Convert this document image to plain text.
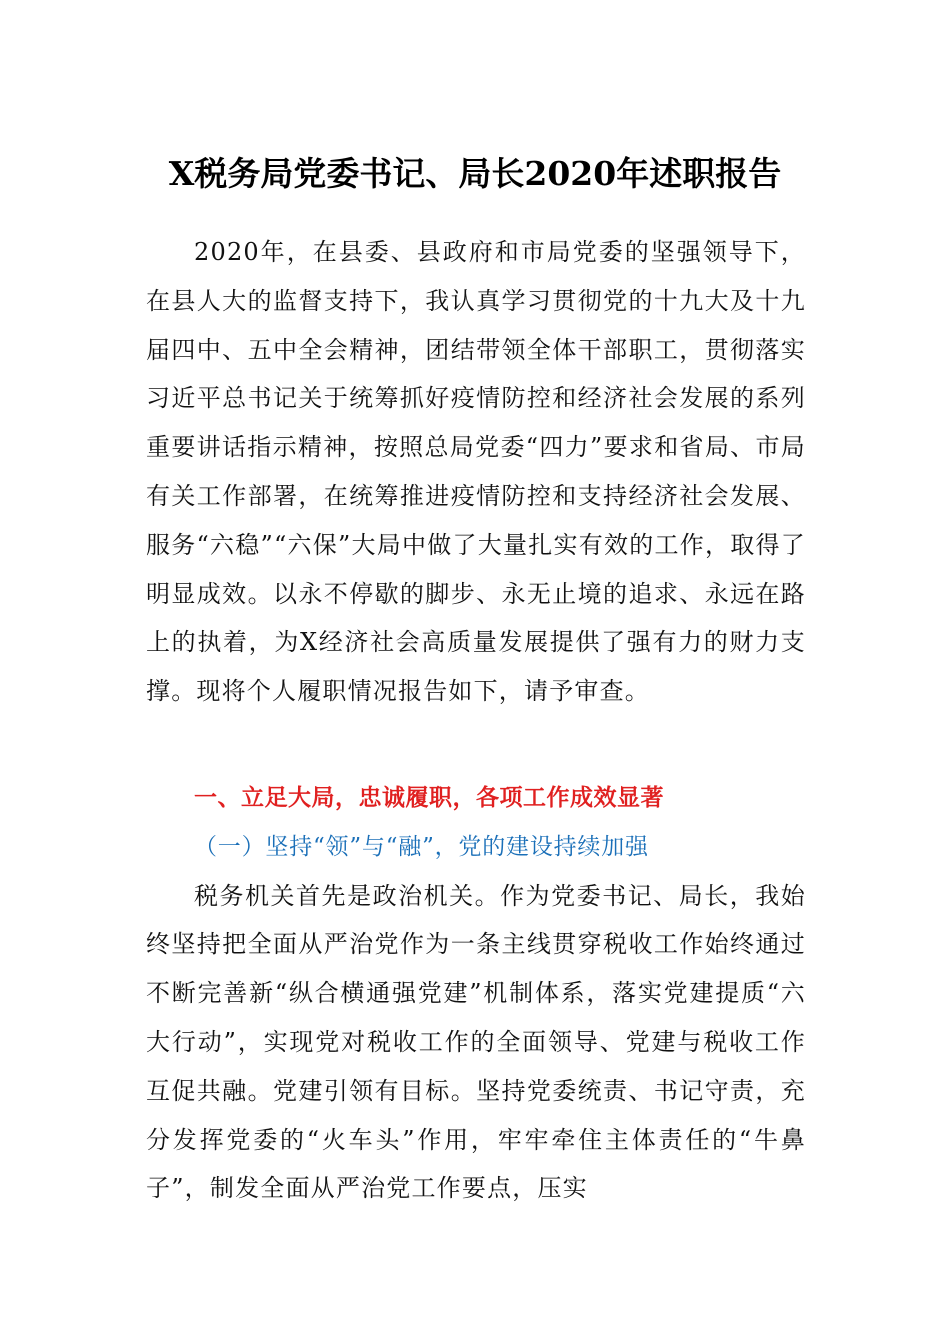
X税务局党委书记、局长2020年述职报告

2020年，在县委、县政府和市局党委的坚强领导下，在县人大的监督支持下，我认真学习贯彻党的十九大及十九届四中、五中全会精神，团结带领全体干部职工，贯彻落实习近平总书记关于统筹抓好疫情防控和经济社会发展的系列重要讲话指示精神，按照总局党委“四力”要求和省局、市局有关工作部署，在统筹推进疫情防控和支持经济社会发展、服务“六稳”“六保”大局中做了大量扎实有效的工作，取得了明显成效。以永不停歇的脚步、永无止境的追求、永远在路上的执着，为X经济社会高质量发展提供了强有力的财力支撑。现将个人履职情况报告如下，请予审查。

一、立足大局，忠诚履职，各项工作成效显著

（一）坚持“领”与“融”，党的建设持续加强

税务机关首先是政治机关。作为党委书记、局长，我始终坚持把全面从严治党作为一条主线贯穿税收工作始终通过不断完善新“纵合横通强党建”机制体系，落实党建提质“六大行动”，实现党对税收工作的全面领导、党建与税收工作互促共融。党建引领有目标。坚持党委统责、书记守责，充分发挥党委的“火车头”作用，牢牢牵住主体责任的“牛鼻子”，制发全面从严治党工作要点，压实
